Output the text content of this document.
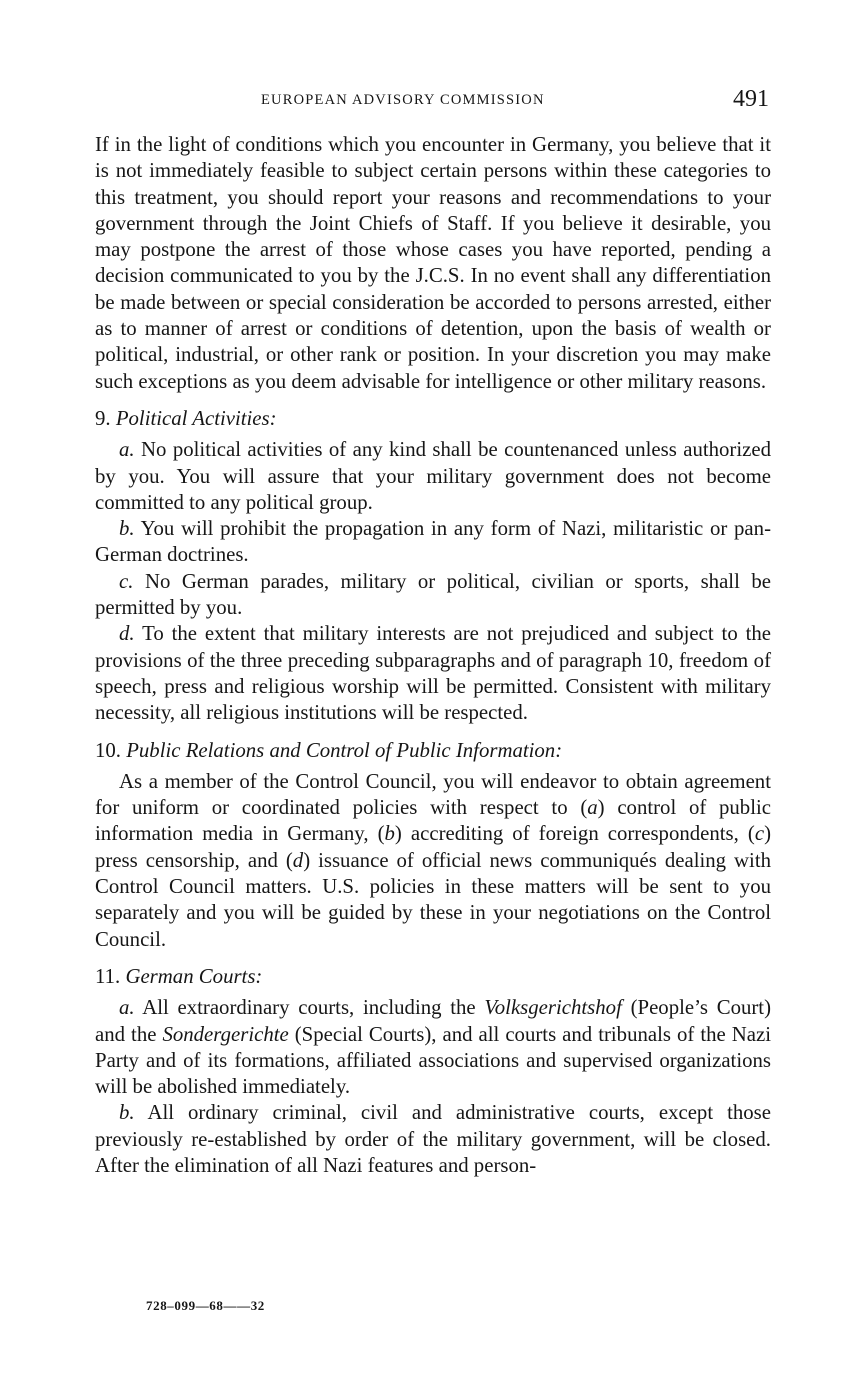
EUROPEAN ADVISORY COMMISSION	491

If in the light of conditions which you encounter in Germany, you believe that it is not immediately feasible to subject certain persons within these categories to this treatment, you should report your reasons and recommendations to your government through the Joint Chiefs of Staff. If you believe it desirable, you may postpone the arrest of those whose cases you have reported, pending a decision communicated to you by the J.C.S. In no event shall any differentiation be made between or special consideration be accorded to persons arrested, either as to manner of arrest or conditions of detention, upon the basis of wealth or political, industrial, or other rank or position. In your discretion you may make such exceptions as you deem advisable for intelligence or other military reasons.

9. Political Activities:

a. No political activities of any kind shall be countenanced unless authorized by you. You will assure that your military government does not become committed to any political group.

b. You will prohibit the propagation in any form of Nazi, militaristic or pan-German doctrines.

c. No German parades, military or political, civilian or sports, shall be permitted by you.

d. To the extent that military interests are not prejudiced and subject to the provisions of the three preceding subparagraphs and of paragraph 10, freedom of speech, press and religious worship will be permitted. Consistent with military necessity, all religious institutions will be respected.

10. Public Relations and Control of Public Information:

As a member of the Control Council, you will endeavor to obtain agreement for uniform or coordinated policies with respect to (a) control of public information media in Germany, (b) accrediting of foreign correspondents, (c) press censorship, and (d) issuance of official news communiqués dealing with Control Council matters. U.S. policies in these matters will be sent to you separately and you will be guided by these in your negotiations on the Control Council.

11. German Courts:

a. All extraordinary courts, including the Volksgerichtshof (People’s Court) and the Sondergerichte (Special Courts), and all courts and tribunals of the Nazi Party and of its formations, affiliated associations and supervised organizations will be abolished immediately.

b. All ordinary criminal, civil and administrative courts, except those previously re-established by order of the military government, will be closed. After the elimination of all Nazi features and person-

728–099—68——32
